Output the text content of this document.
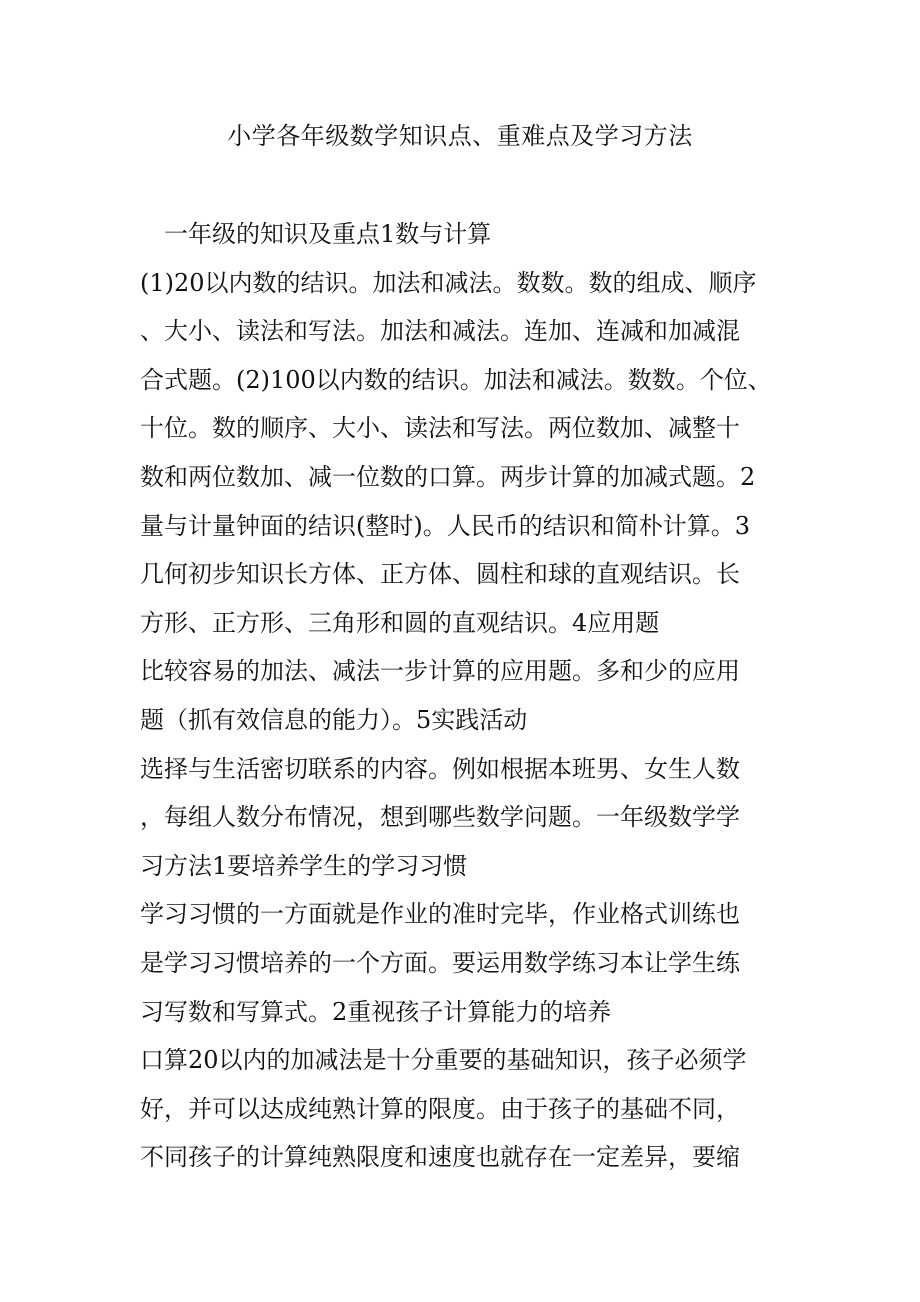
小学各年级数学知识点、重难点及学习方法
一年级的知识及重点1数与计算
(1)20以内数的结识。加法和减法。数数。数的组成、顺序
、大小、读法和写法。加法和减法。连加、连减和加减混
合式题。(2)100以内数的结识。加法和减法。数数。个位、
十位。数的顺序、大小、读法和写法。两位数加、减整十
数和两位数加、减一位数的口算。两步计算的加减式题。2
量与计量钟面的结识(整时)。人民币的结识和简朴计算。3
几何初步知识长方体、正方体、圆柱和球的直观结识。长
方形、正方形、三角形和圆的直观结识。4应用题
比较容易的加法、减法一步计算的应用题。多和少的应用
题（抓有效信息的能力）。5实践活动
选择与生活密切联系的内容。例如根据本班男、女生人数
，每组人数分布情况，想到哪些数学问题。一年级数学学
习方法1要培养学生的学习习惯
学习习惯的一方面就是作业的准时完毕，作业格式训练也
是学习习惯培养的一个方面。要运用数学练习本让学生练
习写数和写算式。2重视孩子计算能力的培养
口算20以内的加减法是十分重要的基础知识，孩子必须学
好，并可以达成纯熟计算的限度。由于孩子的基础不同，
不同孩子的计算纯熟限度和速度也就存在一定差异，要缩
